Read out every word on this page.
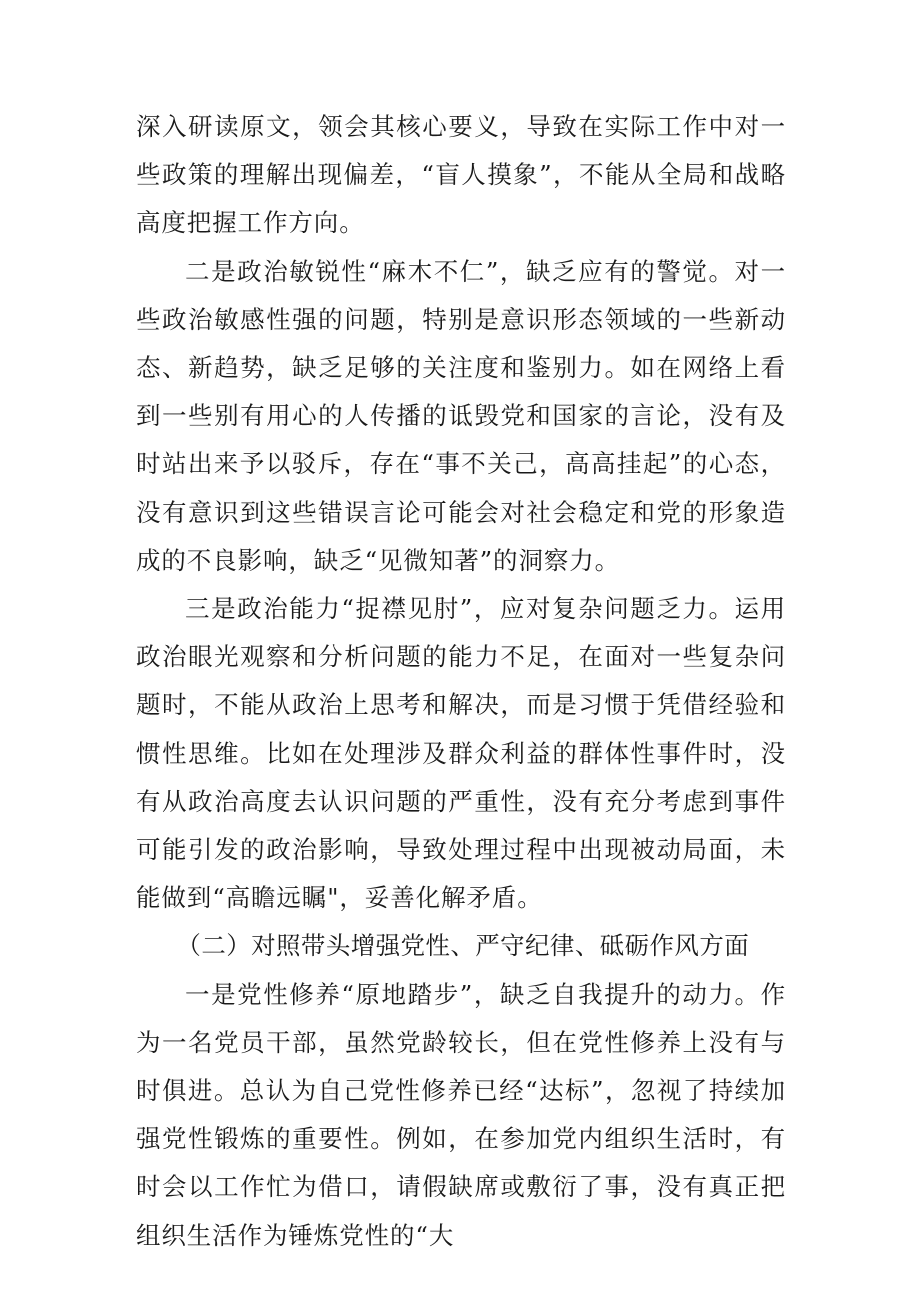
深入研读原文，领会其核心要义，导致在实际工作中对一些政策的理解出现偏差，“盲人摸象”，不能从全局和战略高度把握工作方向。

二是政治敏锐性“麻木不仁”，缺乏应有的警觉。对一些政治敏感性强的问题，特别是意识形态领域的一些新动态、新趋势，缺乏足够的关注度和鉴别力。如在网络上看到一些别有用心的人传播的诋毁党和国家的言论，没有及时站出来予以驳斥，存在“事不关己，高高挂起”的心态，没有意识到这些错误言论可能会对社会稳定和党的形象造成的不良影响，缺乏“见微知著”的洞察力。

三是政治能力“捉襟见肘”，应对复杂问题乏力。运用政治眼光观察和分析问题的能力不足，在面对一些复杂问题时，不能从政治上思考和解决，而是习惯于凭借经验和惯性思维。比如在处理涉及群众利益的群体性事件时，没有从政治高度去认识问题的严重性，没有充分考虑到事件可能引发的政治影响，导致处理过程中出现被动局面，未能做到“高瞻远瞩"，妥善化解矛盾。

（二）对照带头增强党性、严守纪律、砥砺作风方面

一是党性修养“原地踏步”，缺乏自我提升的动力。作为一名党员干部，虽然党龄较长，但在党性修养上没有与时俱进。总认为自己党性修养已经“达标”，忽视了持续加强党性锻炼的重要性。例如，在参加党内组织生活时，有时会以工作忙为借口，请假缺席或敷衍了事，没有真正把组织生活作为锤炼党性的“大
